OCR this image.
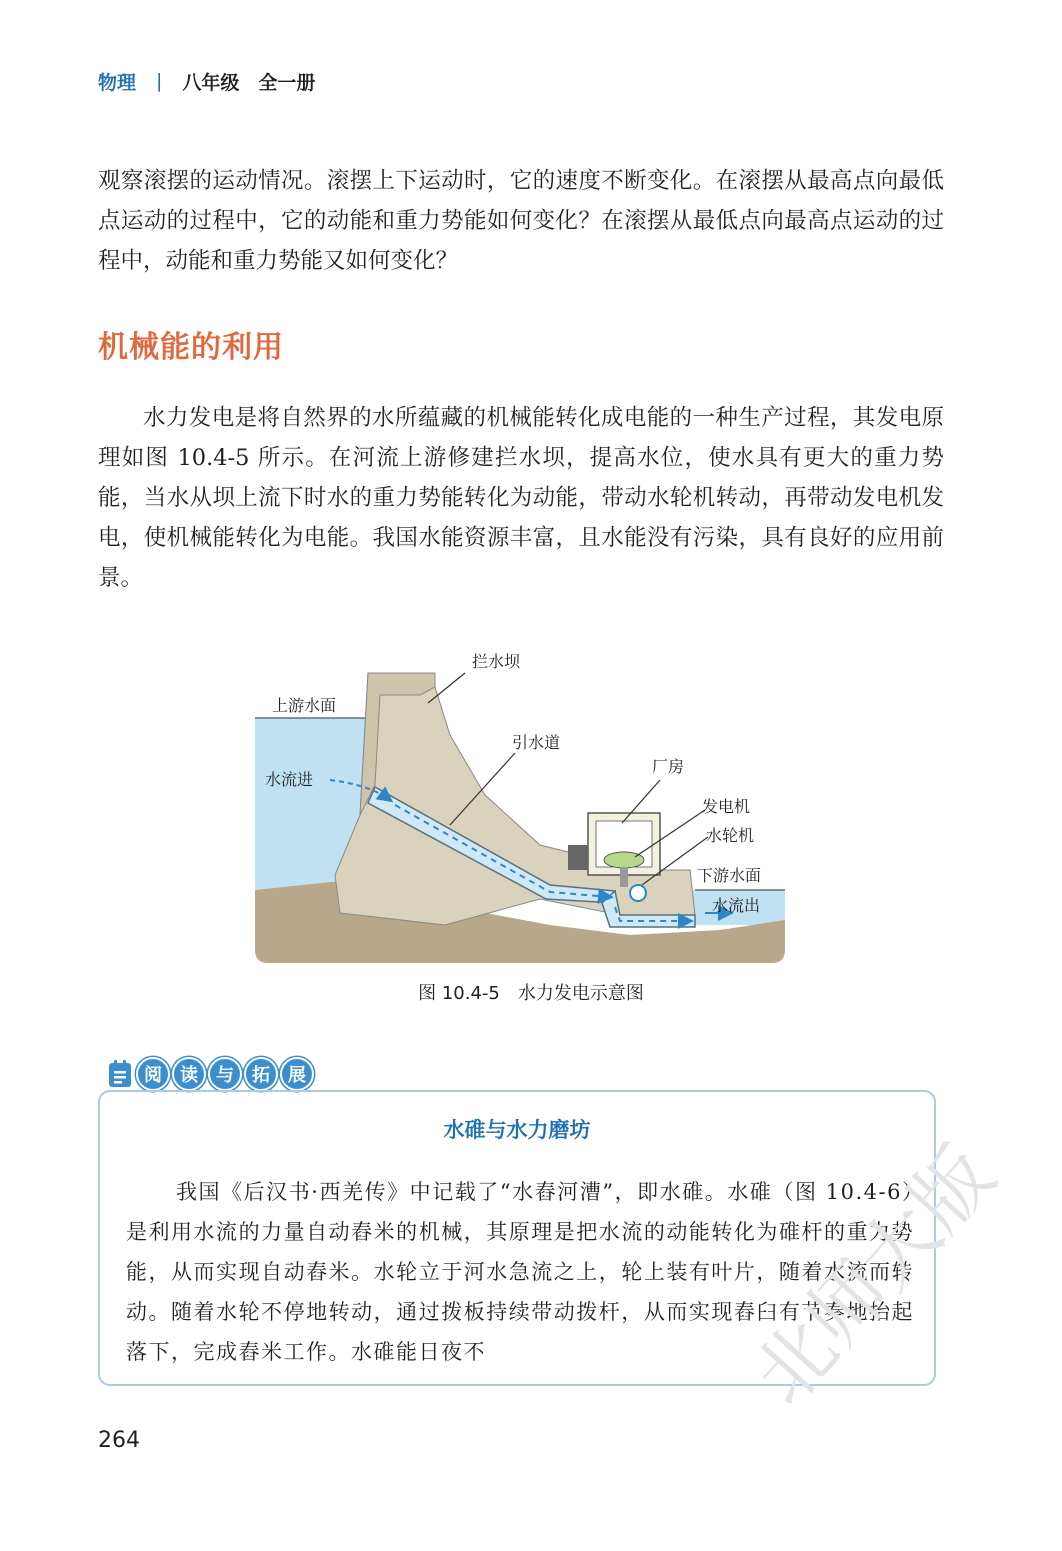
物理 | 八年级　全一册

观察滚摆的运动情况。滚摆上下运动时，它的速度不断变化。在滚摆从最高点向最低点运动的过程中，它的动能和重力势能如何变化？在滚摆从最低点向最高点运动的过程中，动能和重力势能又如何变化？

机械能的利用

水力发电是将自然界的水所蕴藏的机械能转化成电能的一种生产过程，其发电原理如图 10.4-5 所示。在河流上游修建拦水坝，提高水位，使水具有更大的重力势能，当水从坝上流下时水的重力势能转化为动能，带动水轮机转动，再带动发电机发电，使机械能转化为电能。我国水能资源丰富，且水能没有污染，具有良好的应用前景。

拦水坝
上游水面
引水道
水流进
厂房
发电机
水轮机
下游水面
水流出
图 10.4-5　水力发电示意图
阅	读	与	拓	展
水碓与水力磨坊

我国《后汉书·西羌传》中记载了“水舂河漕”，即水碓。水碓（图 10.4-6）是利用水流的力量自动舂米的机械，其原理是把水流的动能转化为碓杆的重力势能，从而实现自动舂米。水轮立于河水急流之上，轮上装有叶片，随着水流而转动。随着水轮不停地转动，通过拨板持续带动拨杆，从而实现舂臼有节奏地抬起落下，完成舂米工作。水碓能日夜不

264
北师大版
